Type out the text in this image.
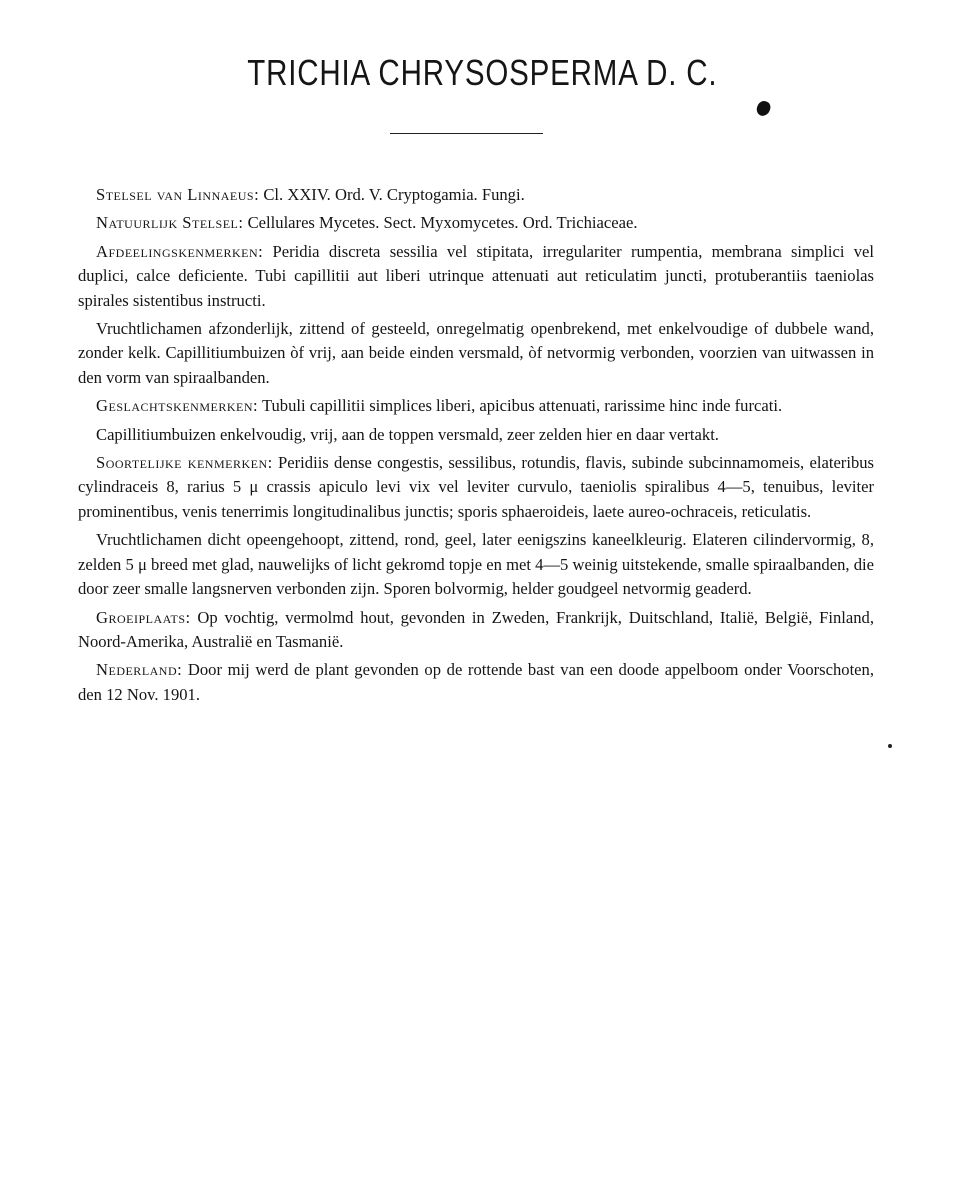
TRICHIA CHRYSOSPERMA D. C.

Stelsel van Linnaeus: Cl. XXIV. Ord. V. Cryptogamia. Fungi.

Natuurlijk Stelsel: Cellulares Mycetes. Sect. Myxomycetes. Ord. Trichiaceae.

Afdeelingskenmerken: Peridia discreta sessilia vel stipitata, irregulariter rumpentia, membrana simplici vel duplici, calce deficiente. Tubi capillitii aut liberi utrinque attenuati aut reticulatim juncti, protuberantiis taeniolas spirales sistentibus instructi.

Vruchtlichamen afzonderlijk, zittend of gesteeld, onregelmatig openbrekend, met enkelvoudige of dubbele wand, zonder kelk. Capillitiumbuizen òf vrij, aan beide einden versmald, òf netvormig verbonden, voorzien van uitwassen in den vorm van spiraalbanden.

Geslachtskenmerken: Tubuli capillitii simplices liberi, apicibus attenuati, rarissime hinc inde furcati.

Capillitiumbuizen enkelvoudig, vrij, aan de toppen versmald, zeer zelden hier en daar vertakt.

Soortelijke kenmerken: Peridiis dense congestis, sessilibus, rotundis, flavis, subinde subcinnamomeis, elateribus cylindraceis 8, rarius 5 μ crassis apiculo levi vix vel leviter curvulo, taeniolis spiralibus 4—5, tenuibus, leviter prominentibus, venis tenerrimis longitudinalibus junctis; sporis sphaeroideis, laete aureo-ochraceis, reticulatis.

Vruchtlichamen dicht opeengehoopt, zittend, rond, geel, later eenigszins kaneelkleurig. Elateren cilindervormig, 8, zelden 5 μ breed met glad, nauwelijks of licht gekromd topje en met 4—5 weinig uitstekende, smalle spiraalbanden, die door zeer smalle langsnerven verbonden zijn. Sporen bolvormig, helder goudgeel netvormig geaderd.

Groeiplaats: Op vochtig, vermolmd hout, gevonden in Zweden, Frankrijk, Duitschland, Italië, België, Finland, Noord-Amerika, Australië en Tasmanië.

Nederland: Door mij werd de plant gevonden op de rottende bast van een doode appelboom onder Voorschoten, den 12 Nov. 1901.
